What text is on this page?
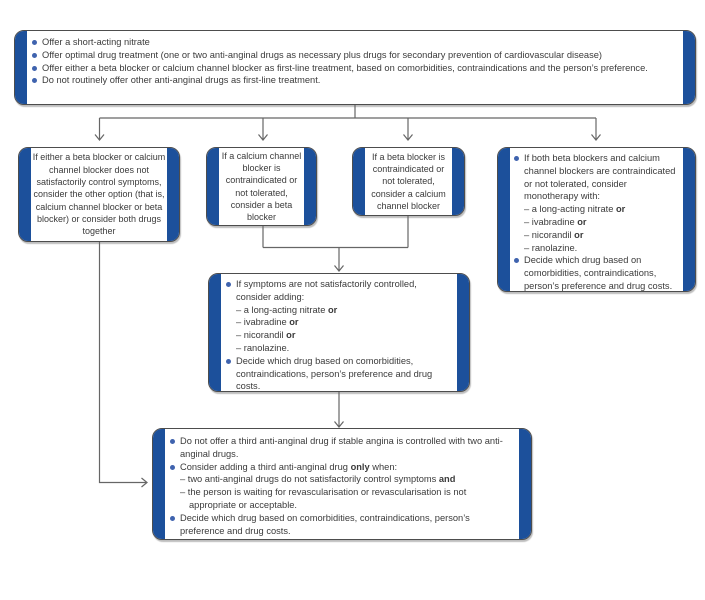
Offer a short-acting nitrate
Offer optimal drug treatment (one or two anti-anginal drugs as necessary plus drugs for secondary prevention of cardiovascular disease)
Offer either a beta blocker or calcium channel blocker as first-line treatment, based on comorbidities, contraindications and the person’s preference.
Do not routinely offer other anti-anginal drugs as first-line treatment.
If either a beta blocker or calcium channel blocker does not satisfactorily control symptoms, consider the other option (that is, calcium channel blocker or beta blocker) or consider both drugs together
If a calcium channel blocker is contraindicated or not tolerated, consider a beta blocker
If a beta blocker is contraindicated or not tolerated, consider a calcium channel blocker
If both beta blockers and calcium channel blockers are contraindicated or not tolerated, consider monotherapy with:
– a long-acting nitrate or
– ivabradine or
– nicorandil or
– ranolazine.
Decide which drug based on comorbidities, contraindications, person’s preference and drug costs.
If symptoms are not satisfactorily controlled, consider adding:
– a long-acting nitrate or
– ivabradine or
– nicorandil or
– ranolazine.
Decide which drug based on comorbidities, contraindications, person’s preference and drug costs.
Do not offer a third anti-anginal drug if stable angina is controlled with two anti-anginal drugs.
Consider adding a third anti-anginal drug only when:
– two anti-anginal drugs do not satisfactorily control symptoms and
– the person is waiting for revascularisation or revascularisation is not appropriate or acceptable.
Decide which drug based on comorbidities, contraindications, person’s preference and drug costs.
